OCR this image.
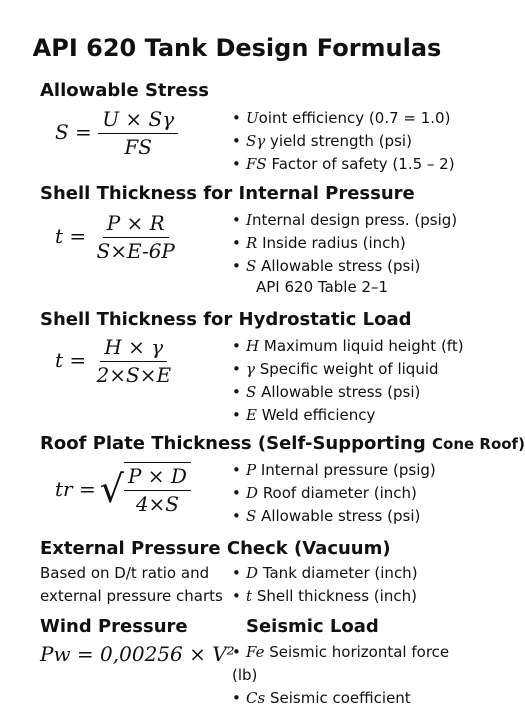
API 620 Tank Design Formulas
Allowable Stress
$S = \frac{U \times S\gamma}{FS}$	• Uoint efficiency (0.7 = 1.0)
• Sγ yield strength (psi)
• FS Factor of safety (1.5 – 2)
Shell Thickness for Internal Pressure
$t = \frac{P \times R}{S\times E-6P}$	• Internal design press. (psig)
• R Inside radius (inch)
• S Allowable stress (psi)
API 620 Table 2–1
Shell Thickness for Hydrostatic Load
$t = \frac{H \times \gamma}{2\times S\times E}$	• H Maximum liquid height (ft)
• γ Specific weight of liquid
• S Allowable stress (psi)
• E Weld efficiency
Roof Plate Thickness (Self-Supporting Cone Roof)
tr = √ $\frac{P \times D}{4\times S}$	• P Internal pressure (psig)
• D Roof diameter (inch)
• S Allowable stress (psi)
External Pressure Check (Vacuum)
Based on D/t ratio and
external pressure charts
• D Tank diameter (inch)
• t Shell thickness (inch)
Wind Pressure
Pw = 0,00256 × V²
Seismic Load
• Fe Seismic horizontal force (lb)
• Cs Seismic coefficient
